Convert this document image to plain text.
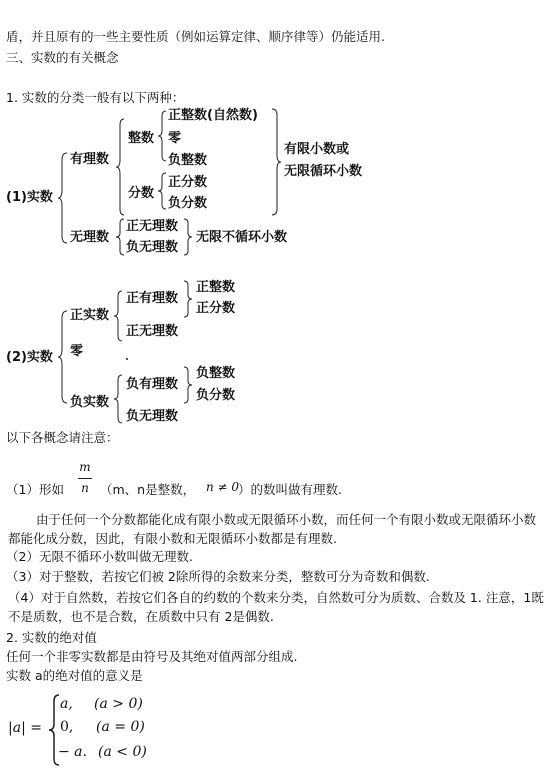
盾，并且原有的一些主要性质（例如运算定律、顺序律等）仍能适用.
三、实数的有关概念
1. 实数的分类一般有以下两种：
(1)实数
有理数
整数
正整数(自然数)
零
负整数
分数
正分数
负分数
有限小数或
无限循环小数
无理数
正无理数
负无理数
无限不循环小数
(2)实数
正实数
正有理数
正整数
正分数
正无理数
零
负实数
负有理数
负整数
负分数
负无理数
以下各概念请注意：
（1）形如
m
n （m、n是整数， n ≠ 0
）的数叫做有理数.
由于任何一个分数都能化成有限小数或无限循环小数，而任何一个有限小数或无限循环小数都能化成分数，因此，有限小数和无限循环小数都是有理数.
（2）无限不循环小数叫做无理数.
（3）对于整数，若按它们被 2除所得的余数来分类，整数可分为奇数和偶数.
（4）对于自然数，若按它们各自的约数的个数来分类，自然数可分为质数、合数及 1. 注意，1既不是质数，也不是合数，在质数中只有 2是偶数.
2. 实数的绝对值
任何一个非零实数都是由符号及其绝对值两部分组成.
实数 a的绝对值的意义是
|a| =
a, (a > 0)
0, (a = 0)
− a. (a < 0)
